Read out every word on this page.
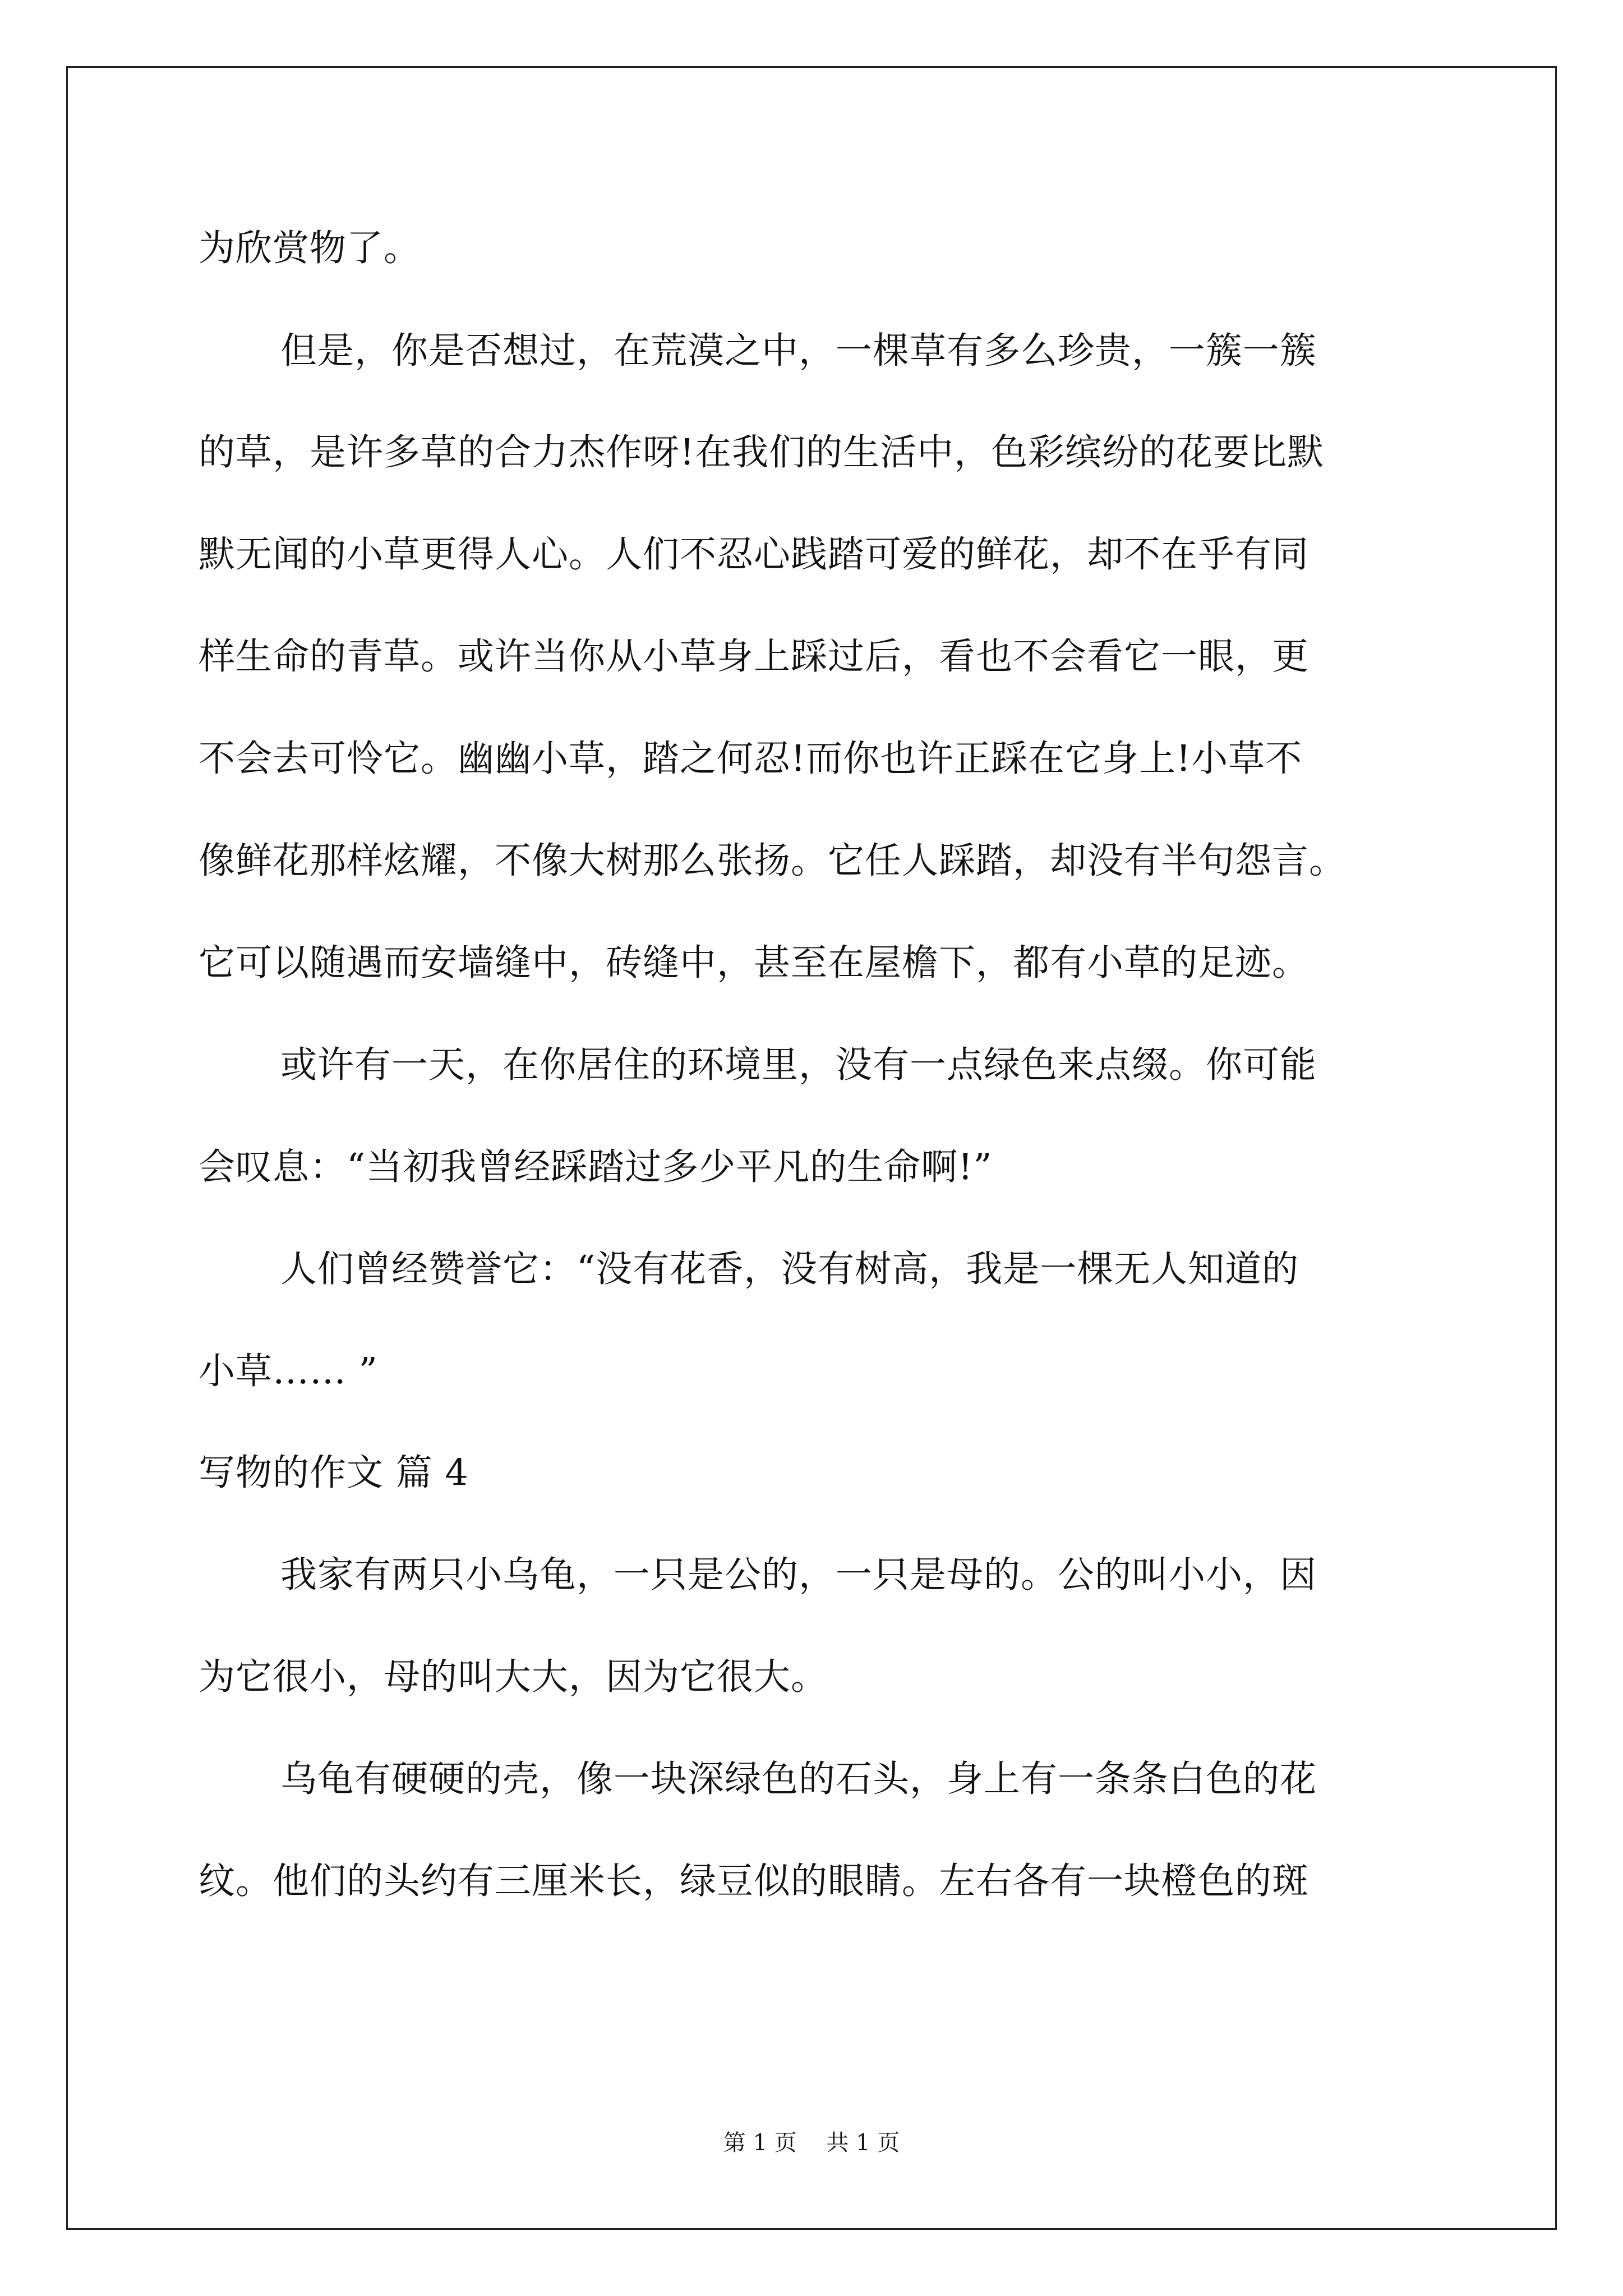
为欣赏物了。
但是，你是否想过，在荒漠之中，一棵草有多么珍贵，一簇一簇
的草，是许多草的合力杰作呀!在我们的生活中，色彩缤纷的花要比默
默无闻的小草更得人心。人们不忍心践踏可爱的鲜花，却不在乎有同
样生命的青草。或许当你从小草身上踩过后，看也不会看它一眼，更
不会去可怜它。幽幽小草，踏之何忍!而你也许正踩在它身上!小草不
像鲜花那样炫耀，不像大树那么张扬。它任人踩踏，却没有半句怨言。
它可以随遇而安墙缝中，砖缝中，甚至在屋檐下，都有小草的足迹。
或许有一天，在你居住的环境里，没有一点绿色来点缀。你可能
会叹息：“当初我曾经踩踏过多少平凡的生命啊!”
人们曾经赞誉它：“没有花香，没有树高，我是一棵无人知道的
小草…… ”
写物的作文 篇 4
我家有两只小乌龟，一只是公的，一只是母的。公的叫小小，因
为它很小，母的叫大大，因为它很大。
乌龟有硬硬的壳，像一块深绿色的石头，身上有一条条白色的花
纹。他们的头约有三厘米长，绿豆似的眼睛。左右各有一块橙色的斑
第 1 页 共 1 页
